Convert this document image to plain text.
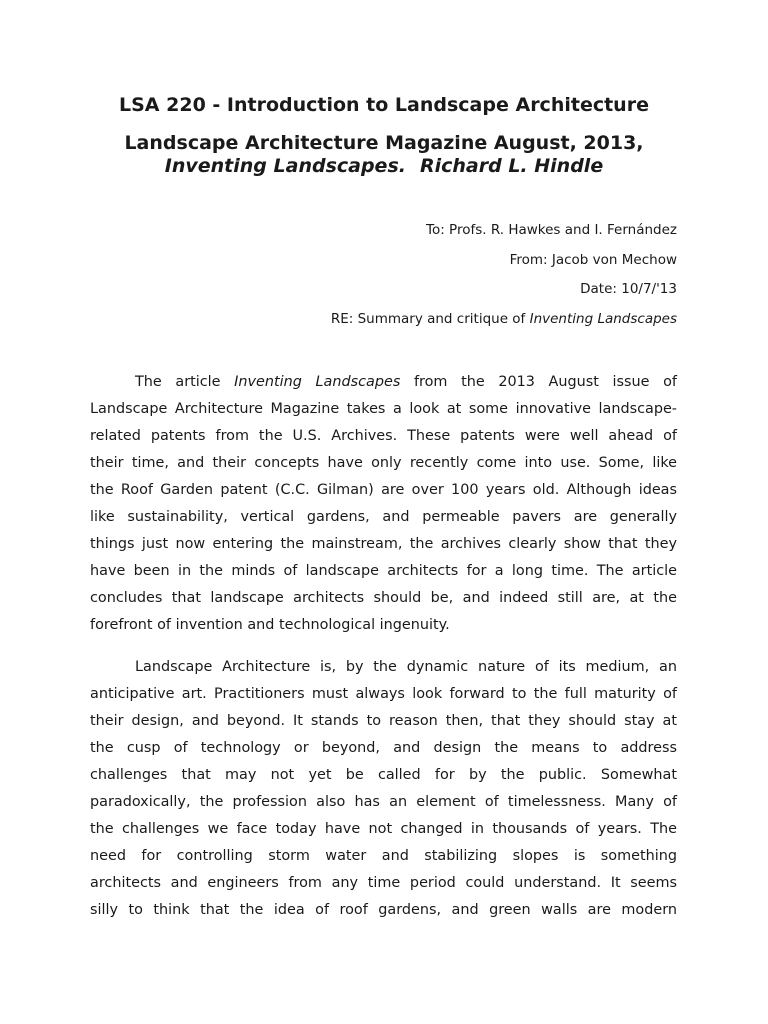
LSA 220 - Introduction to Landscape Architecture
Landscape Architecture Magazine August, 2013,
Inventing Landscapes. Richard L. Hindle

To: Profs. R. Hawkes and I. Fernández

From: Jacob von Mechow

Date: 10/7/'13

RE: Summary and critique of Inventing Landscapes

The article Inventing Landscapes from the 2013 August issue of
Landscape Architecture Magazine takes a look at some innovative landscape-
related patents from the U.S. Archives. These patents were well ahead of
their time, and their concepts have only recently come into use. Some, like
the Roof Garden patent (C.C. Gilman) are over 100 years old. Although ideas
like sustainability, vertical gardens, and permeable pavers are generally
things just now entering the mainstream, the archives clearly show that they
have been in the minds of landscape architects for a long time. The article
concludes that landscape architects should be, and indeed still are, at the
forefront of invention and technological ingenuity.
Landscape Architecture is, by the dynamic nature of its medium, an
anticipative art. Practitioners must always look forward to the full maturity of
their design, and beyond. It stands to reason then, that they should stay at
the cusp of technology or beyond, and design the means to address
challenges that may not yet be called for by the public. Somewhat
paradoxically, the profession also has an element of timelessness. Many of
the challenges we face today have not changed in thousands of years. The
need for controlling storm water and stabilizing slopes is something
architects and engineers from any time period could understand. It seems
silly to think that the idea of roof gardens, and green walls are modern
